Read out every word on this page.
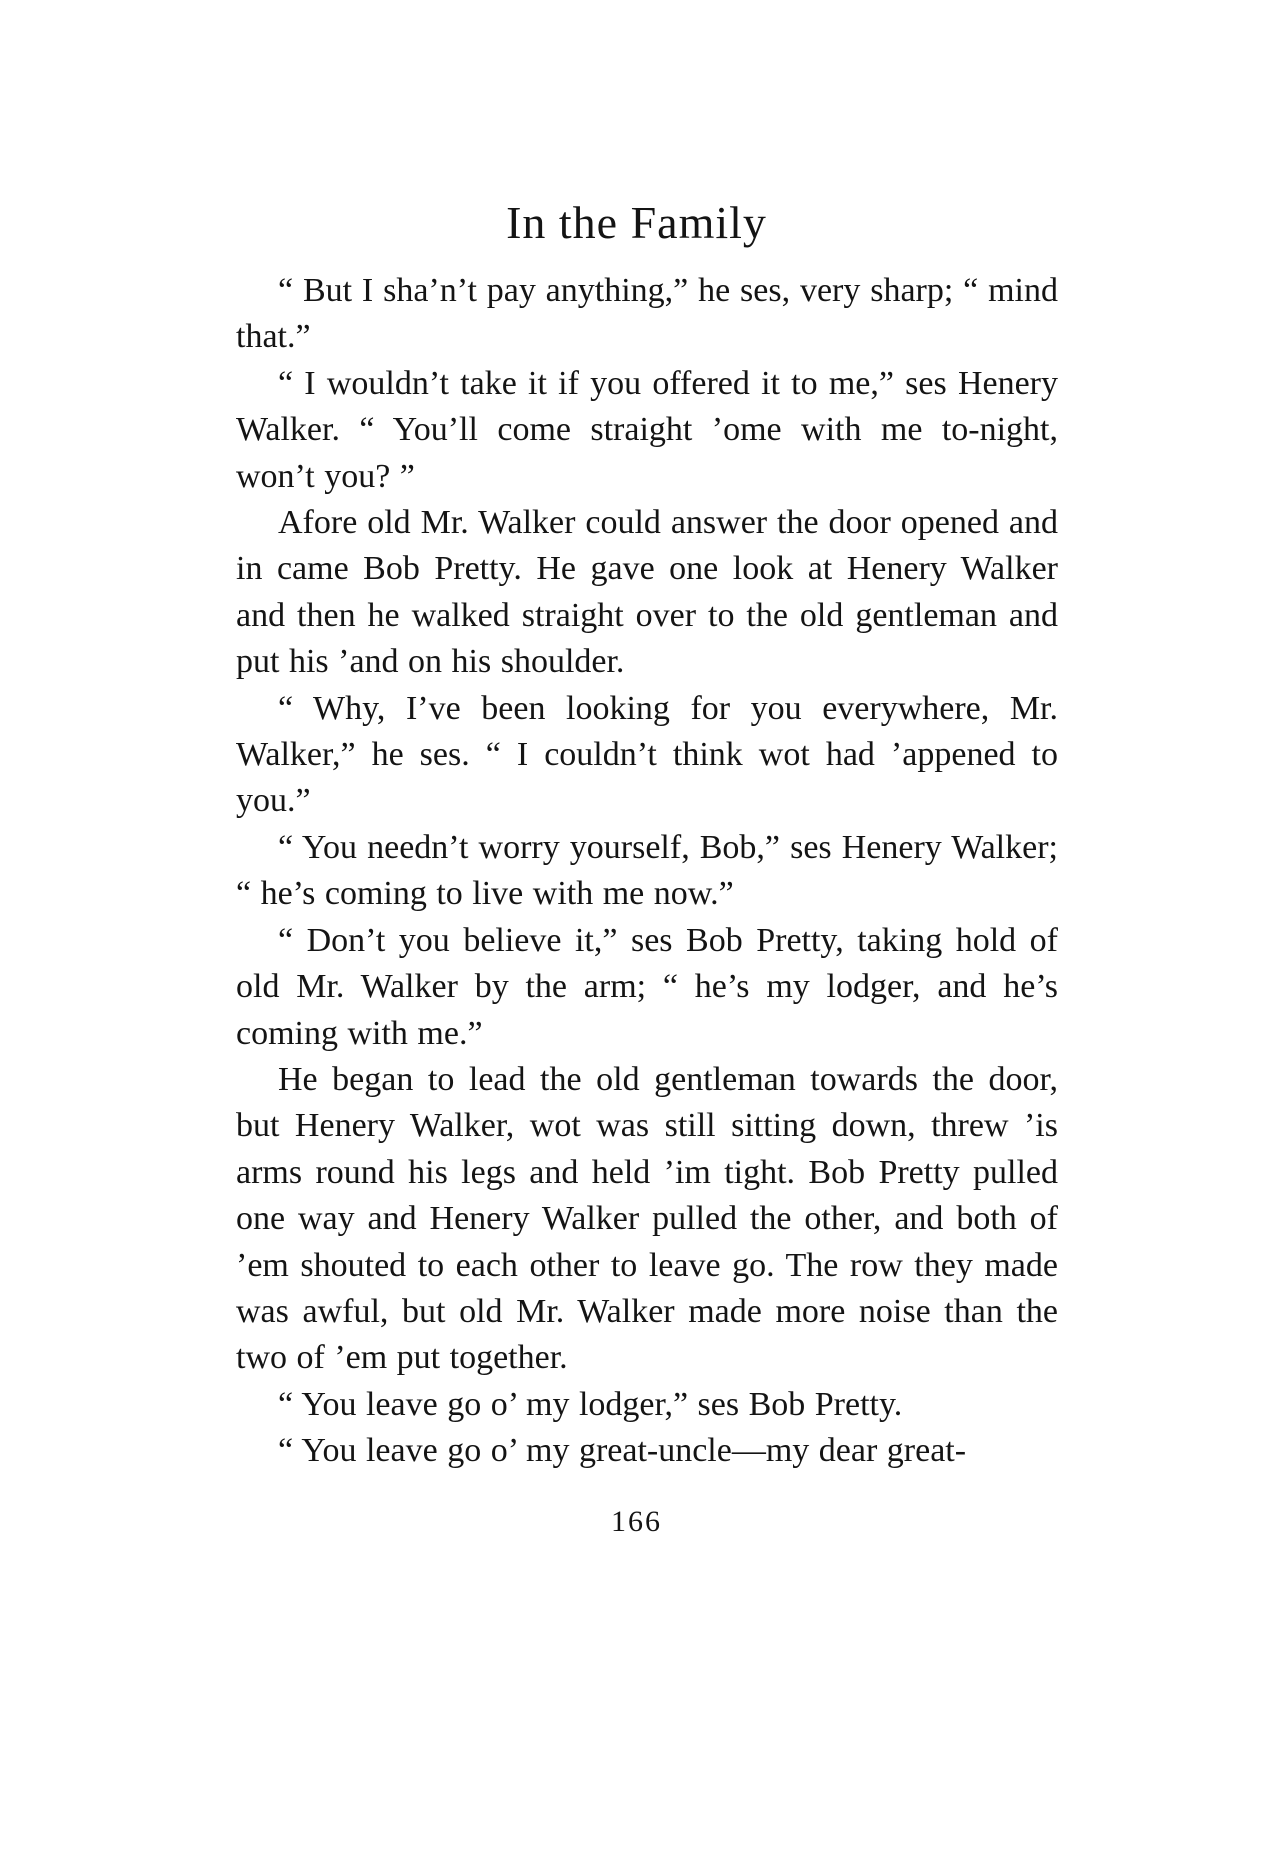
In the Family

“ But I sha’n’t pay anything,” he ses, very sharp; “ mind that.”

“ I wouldn’t take it if you offered it to me,” ses Henery Walker. “ You’ll come straight ’ome with me to-night, won’t you? ”

Afore old Mr. Walker could answer the door opened and in came Bob Pretty. He gave one look at Henery Walker and then he walked straight over to the old gentleman and put his ’and on his shoulder.

“ Why, I’ve been looking for you everywhere, Mr. Walker,” he ses. “ I couldn’t think wot had ’appened to you.”

“ You needn’t worry yourself, Bob,” ses Henery Walker; “ he’s coming to live with me now.”

“ Don’t you believe it,” ses Bob Pretty, taking hold of old Mr. Walker by the arm; “ he’s my lodger, and he’s coming with me.”

He began to lead the old gentleman towards the door, but Henery Walker, wot was still sitting down, threw ’is arms round his legs and held ’im tight. Bob Pretty pulled one way and Henery Walker pulled the other, and both of ’em shouted to each other to leave go. The row they made was awful, but old Mr. Walker made more noise than the two of ’em put together.

“ You leave go o’ my lodger,” ses Bob Pretty.

“ You leave go o’ my great-uncle—my dear great-

166
